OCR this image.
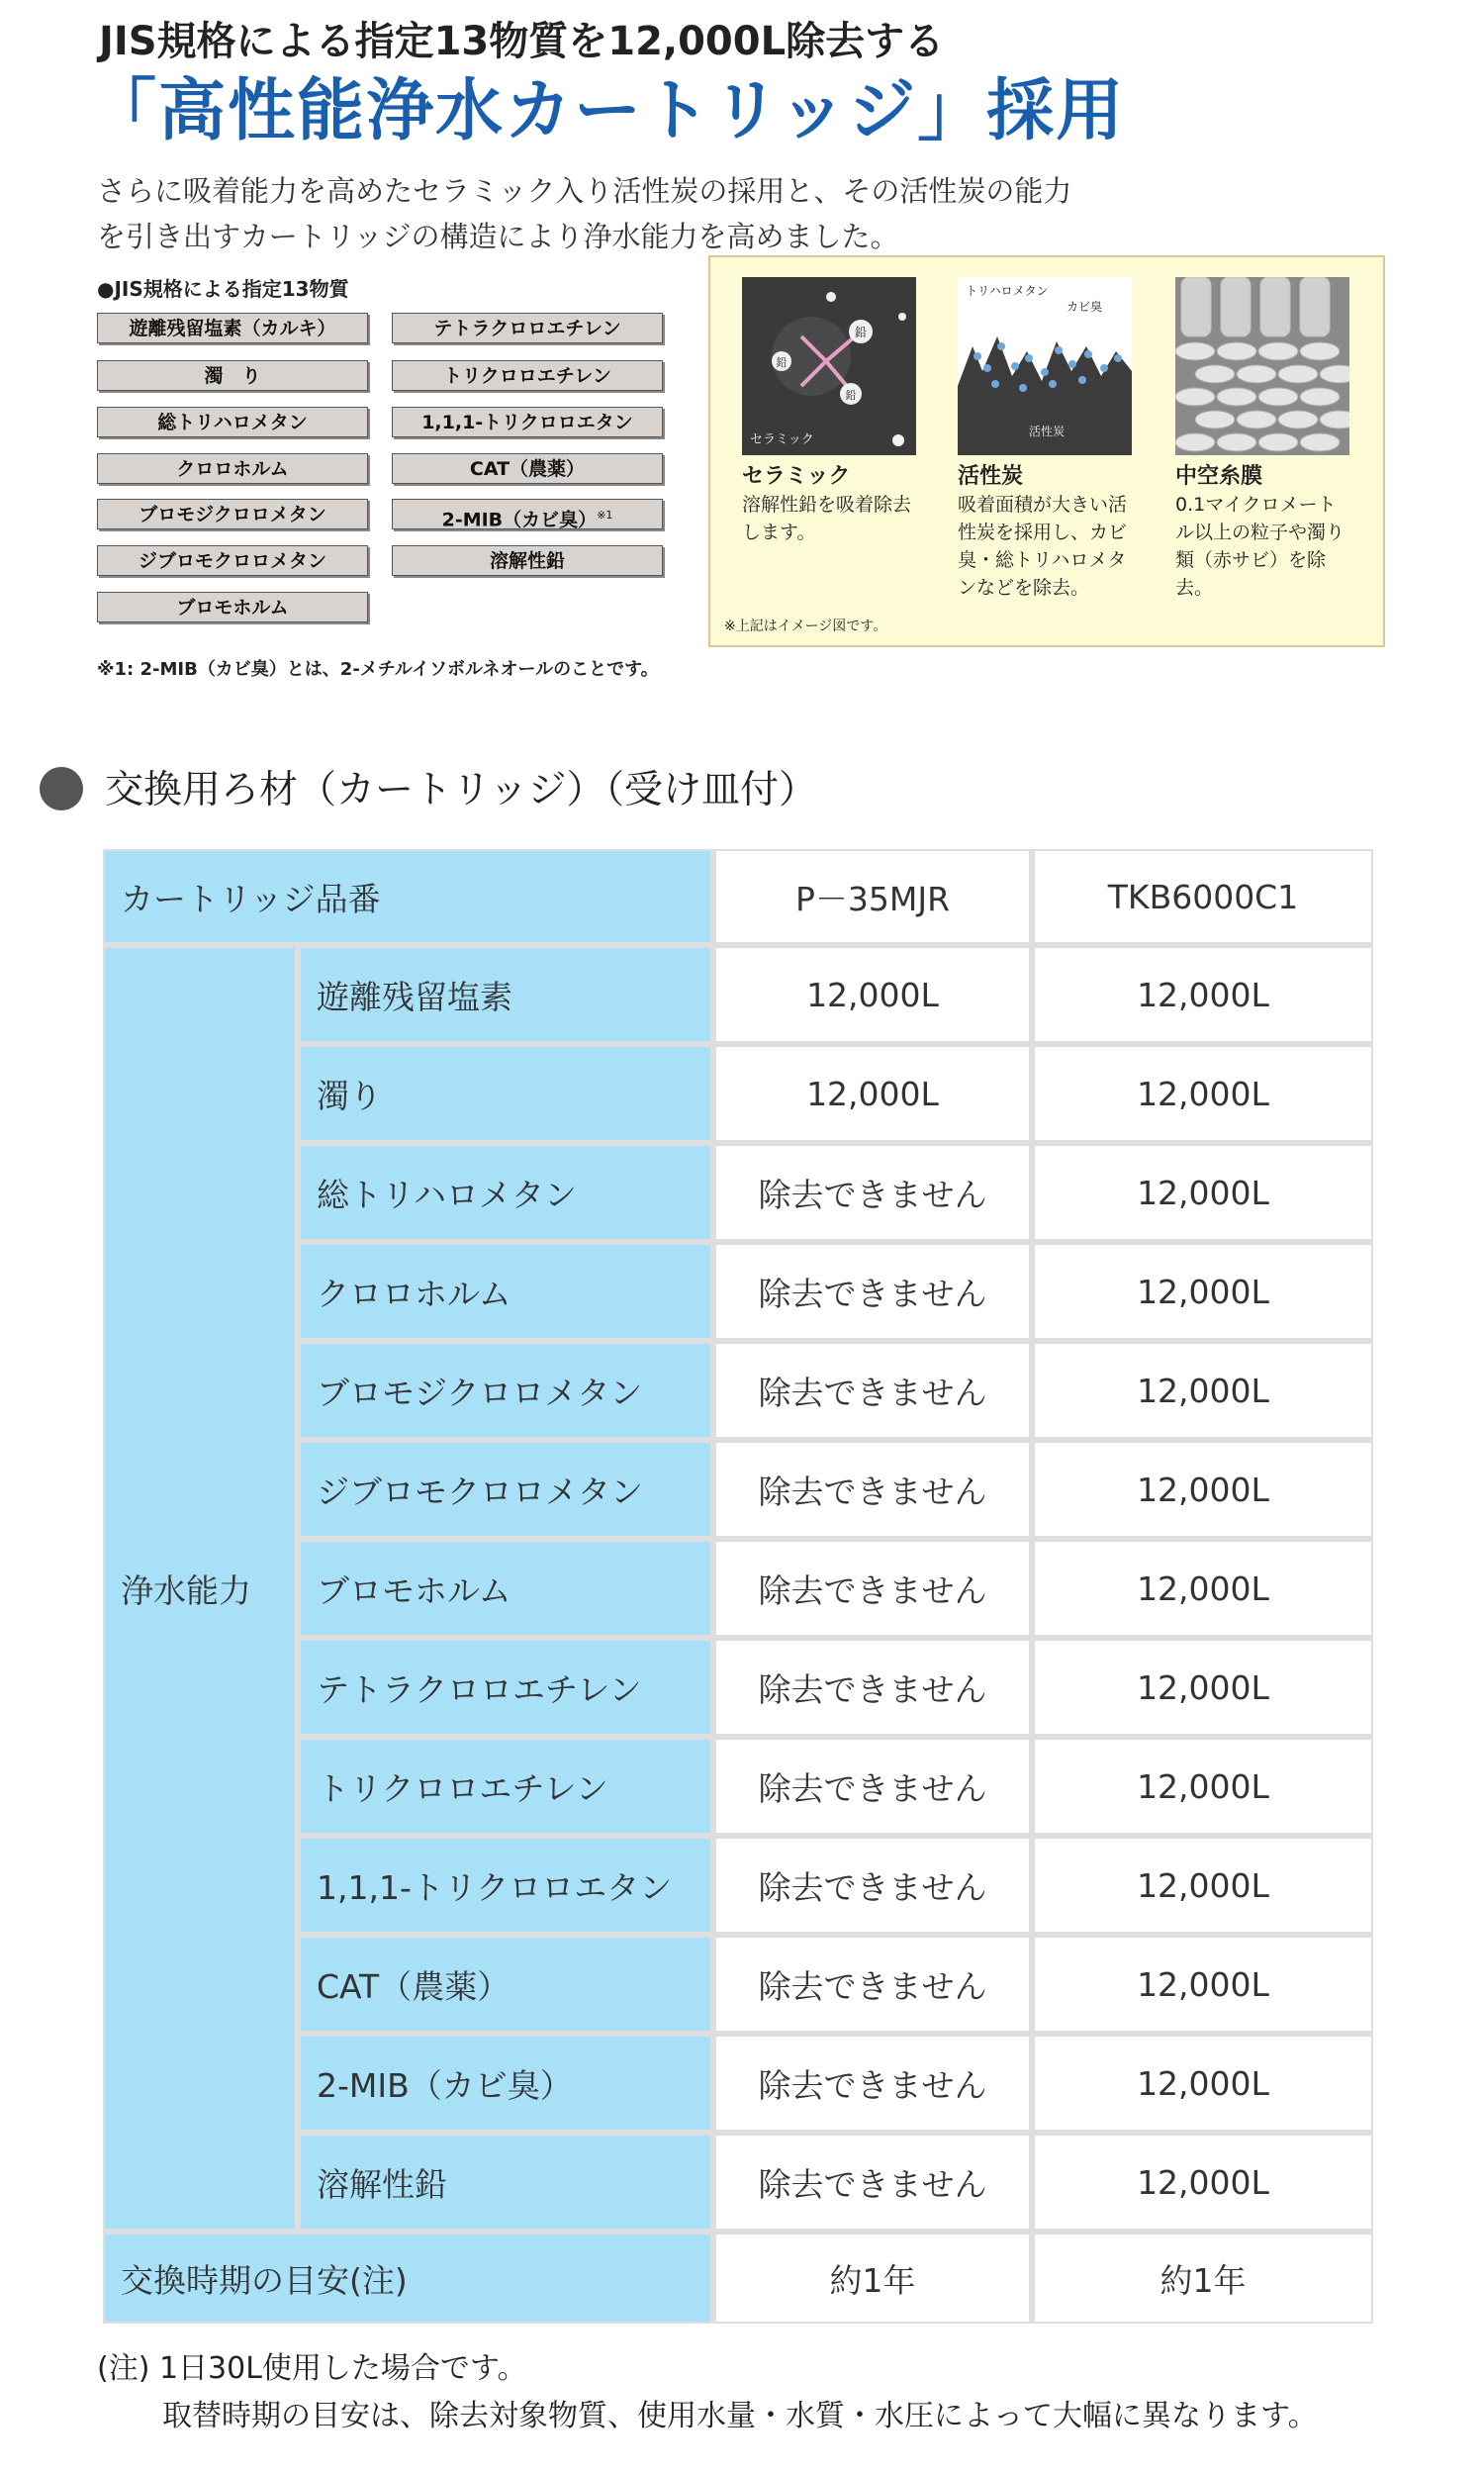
JIS規格による指定13物質を12,000L除去する
「高性能浄水カートリッジ」採用
さらに吸着能力を高めたセラミック入り活性炭の採用と、その活性炭の能力を引き出すカートリッジの構造により浄水能力を高めました。
●JIS規格による指定13物質
遊離残留塩素（カルキ）
濁　り
総トリハロメタン
クロロホルム
ブロモジクロロメタン
ジブロモクロロメタン
ブロモホルム
テトラクロロエチレン
トリクロロエチレン
1,1,1-トリクロロエタン
CAT（農薬）
2-MIB（カビ臭）$^{※1}$
溶解性鉛
※1: 2-MIB（カビ臭）とは、2-メチルイソボルネオールのことです。
鉛
鉛
鉛
セラミック
トリハロメタン
カビ臭
活性炭
セラミック
溶解性鉛を吸着除去します。
活性炭
吸着面積が大きい活性炭を採用し、カビ臭・総トリハロメタンなどを除去。
中空糸膜
0.1マイクロメートル以上の粒子や濁り類（赤サビ）を除去。
※上記はイメージ図です。
交換用ろ材（カートリッジ）（受け皿付）
カートリッジ品番	P－35MJR	TKB6000C1
浄水能力
遊離残留塩素	12,000L	12,000L
濁り	12,000L	12,000L
総トリハロメタン	除去できません	12,000L
クロロホルム	除去できません	12,000L
ブロモジクロロメタン	除去できません	12,000L
ジブロモクロロメタン	除去できません	12,000L
ブロモホルム	除去できません	12,000L
テトラクロロエチレン	除去できません	12,000L
トリクロロエチレン	除去できません	12,000L
1,1,1-トリクロロエタン	除去できません	12,000L
CAT（農薬）	除去できません	12,000L
2-MIB（カビ臭）	除去できません	12,000L
溶解性鉛	除去できません	12,000L
交換時期の目安(注)	約1年	約1年
(注) 1日30L使用した場合です。
取替時期の目安は、除去対象物質、使用水量・水質・水圧によって大幅に異なります。
